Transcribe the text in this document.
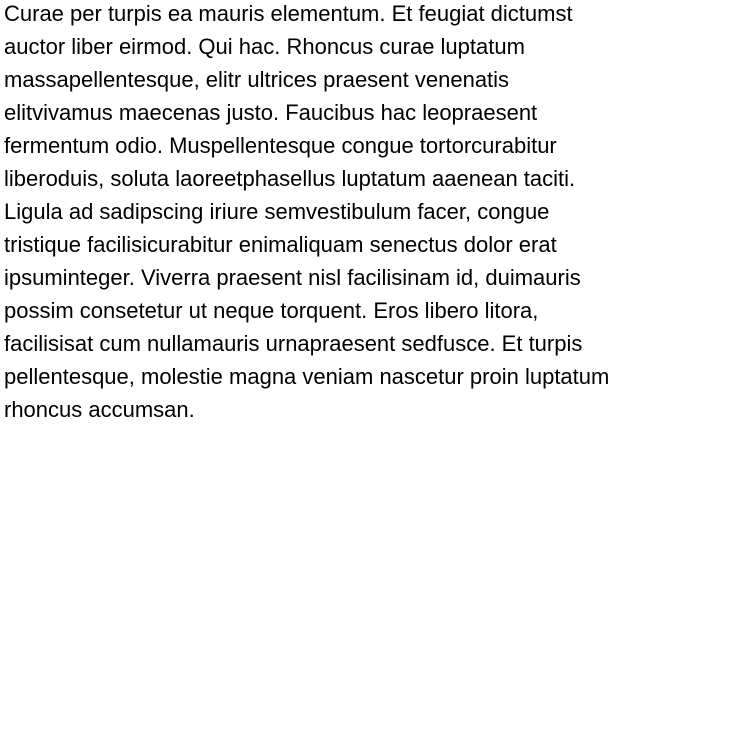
Curae per turpis ea mauris elementum. Et feugiat dictumst
auctor liber eirmod. Qui hac. Rhoncus curae luptatum
massapellentesque, elitr ultrices praesent venenatis
elitvivamus maecenas justo. Faucibus hac leopraesent
fermentum odio. Muspellentesque congue tortorcurabitur
liberoduis, soluta laoreetphasellus luptatum aaenean taciti.
Ligula ad sadipscing iriure semvestibulum facer, congue
tristique facilisicurabitur enimaliquam senectus dolor erat
ipsuminteger. Viverra praesent nisl facilisinam id, duimauris
possim consetetur ut neque torquent. Eros libero litora,
facilisisat cum nullamauris urnapraesent sedfusce. Et turpis
pellentesque, molestie magna veniam nascetur proin luptatum
rhoncus accumsan.
